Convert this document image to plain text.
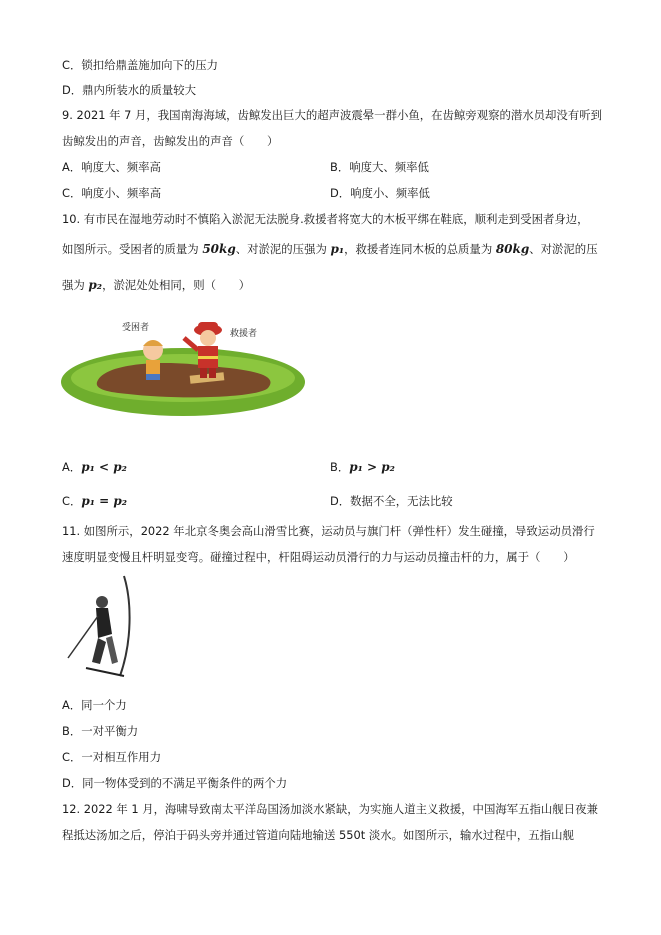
C．锁扣给鼎盖施加向下的压力
D．鼎内所装水的质量较大
9. 2021 年 7 月，我国南海海域，齿鲸发出巨大的超声波震晕一群小鱼，在齿鲸旁观察的潜水员却没有听到
齿鲸发出的声音，齿鲸发出的声音（　　）
A．响度大、频率高	B．响度大、频率低
C．响度小、频率高	D．响度小、频率低
10. 有市民在湿地劳动时不慎陷入淤泥无法脱身.救援者将宽大的木板平绑在鞋底，顺利走到受困者身边，
如图所示。受困者的质量为 50kg、对淤泥的压强为 p₁，救援者连同木板的总质量为 80kg、对淤泥的压
强为 p₂，淤泥处处相同，则（　　）
受困者
救援者
A．p₁ < p₂	B．p₁ > p₂
C．p₁ = p₂	D．数据不全，无法比较
11. 如图所示，2022 年北京冬奥会高山滑雪比赛，运动员与旗门杆（弹性杆）发生碰撞，导致运动员滑行
速度明显变慢且杆明显变弯。碰撞过程中，杆阻碍运动员滑行的力与运动员撞击杆的力，属于（　　）
A．同一个力
B．一对平衡力
C．一对相互作用力
D．同一物体受到的不满足平衡条件的两个力
12. 2022 年 1 月，海啸导致南太平洋岛国汤加淡水紧缺，为实施人道主义救援，中国海军五指山舰日夜兼
程抵达汤加之后，停泊于码头旁并通过管道向陆地输送 550t 淡水。如图所示，输水过程中，五指山舰
